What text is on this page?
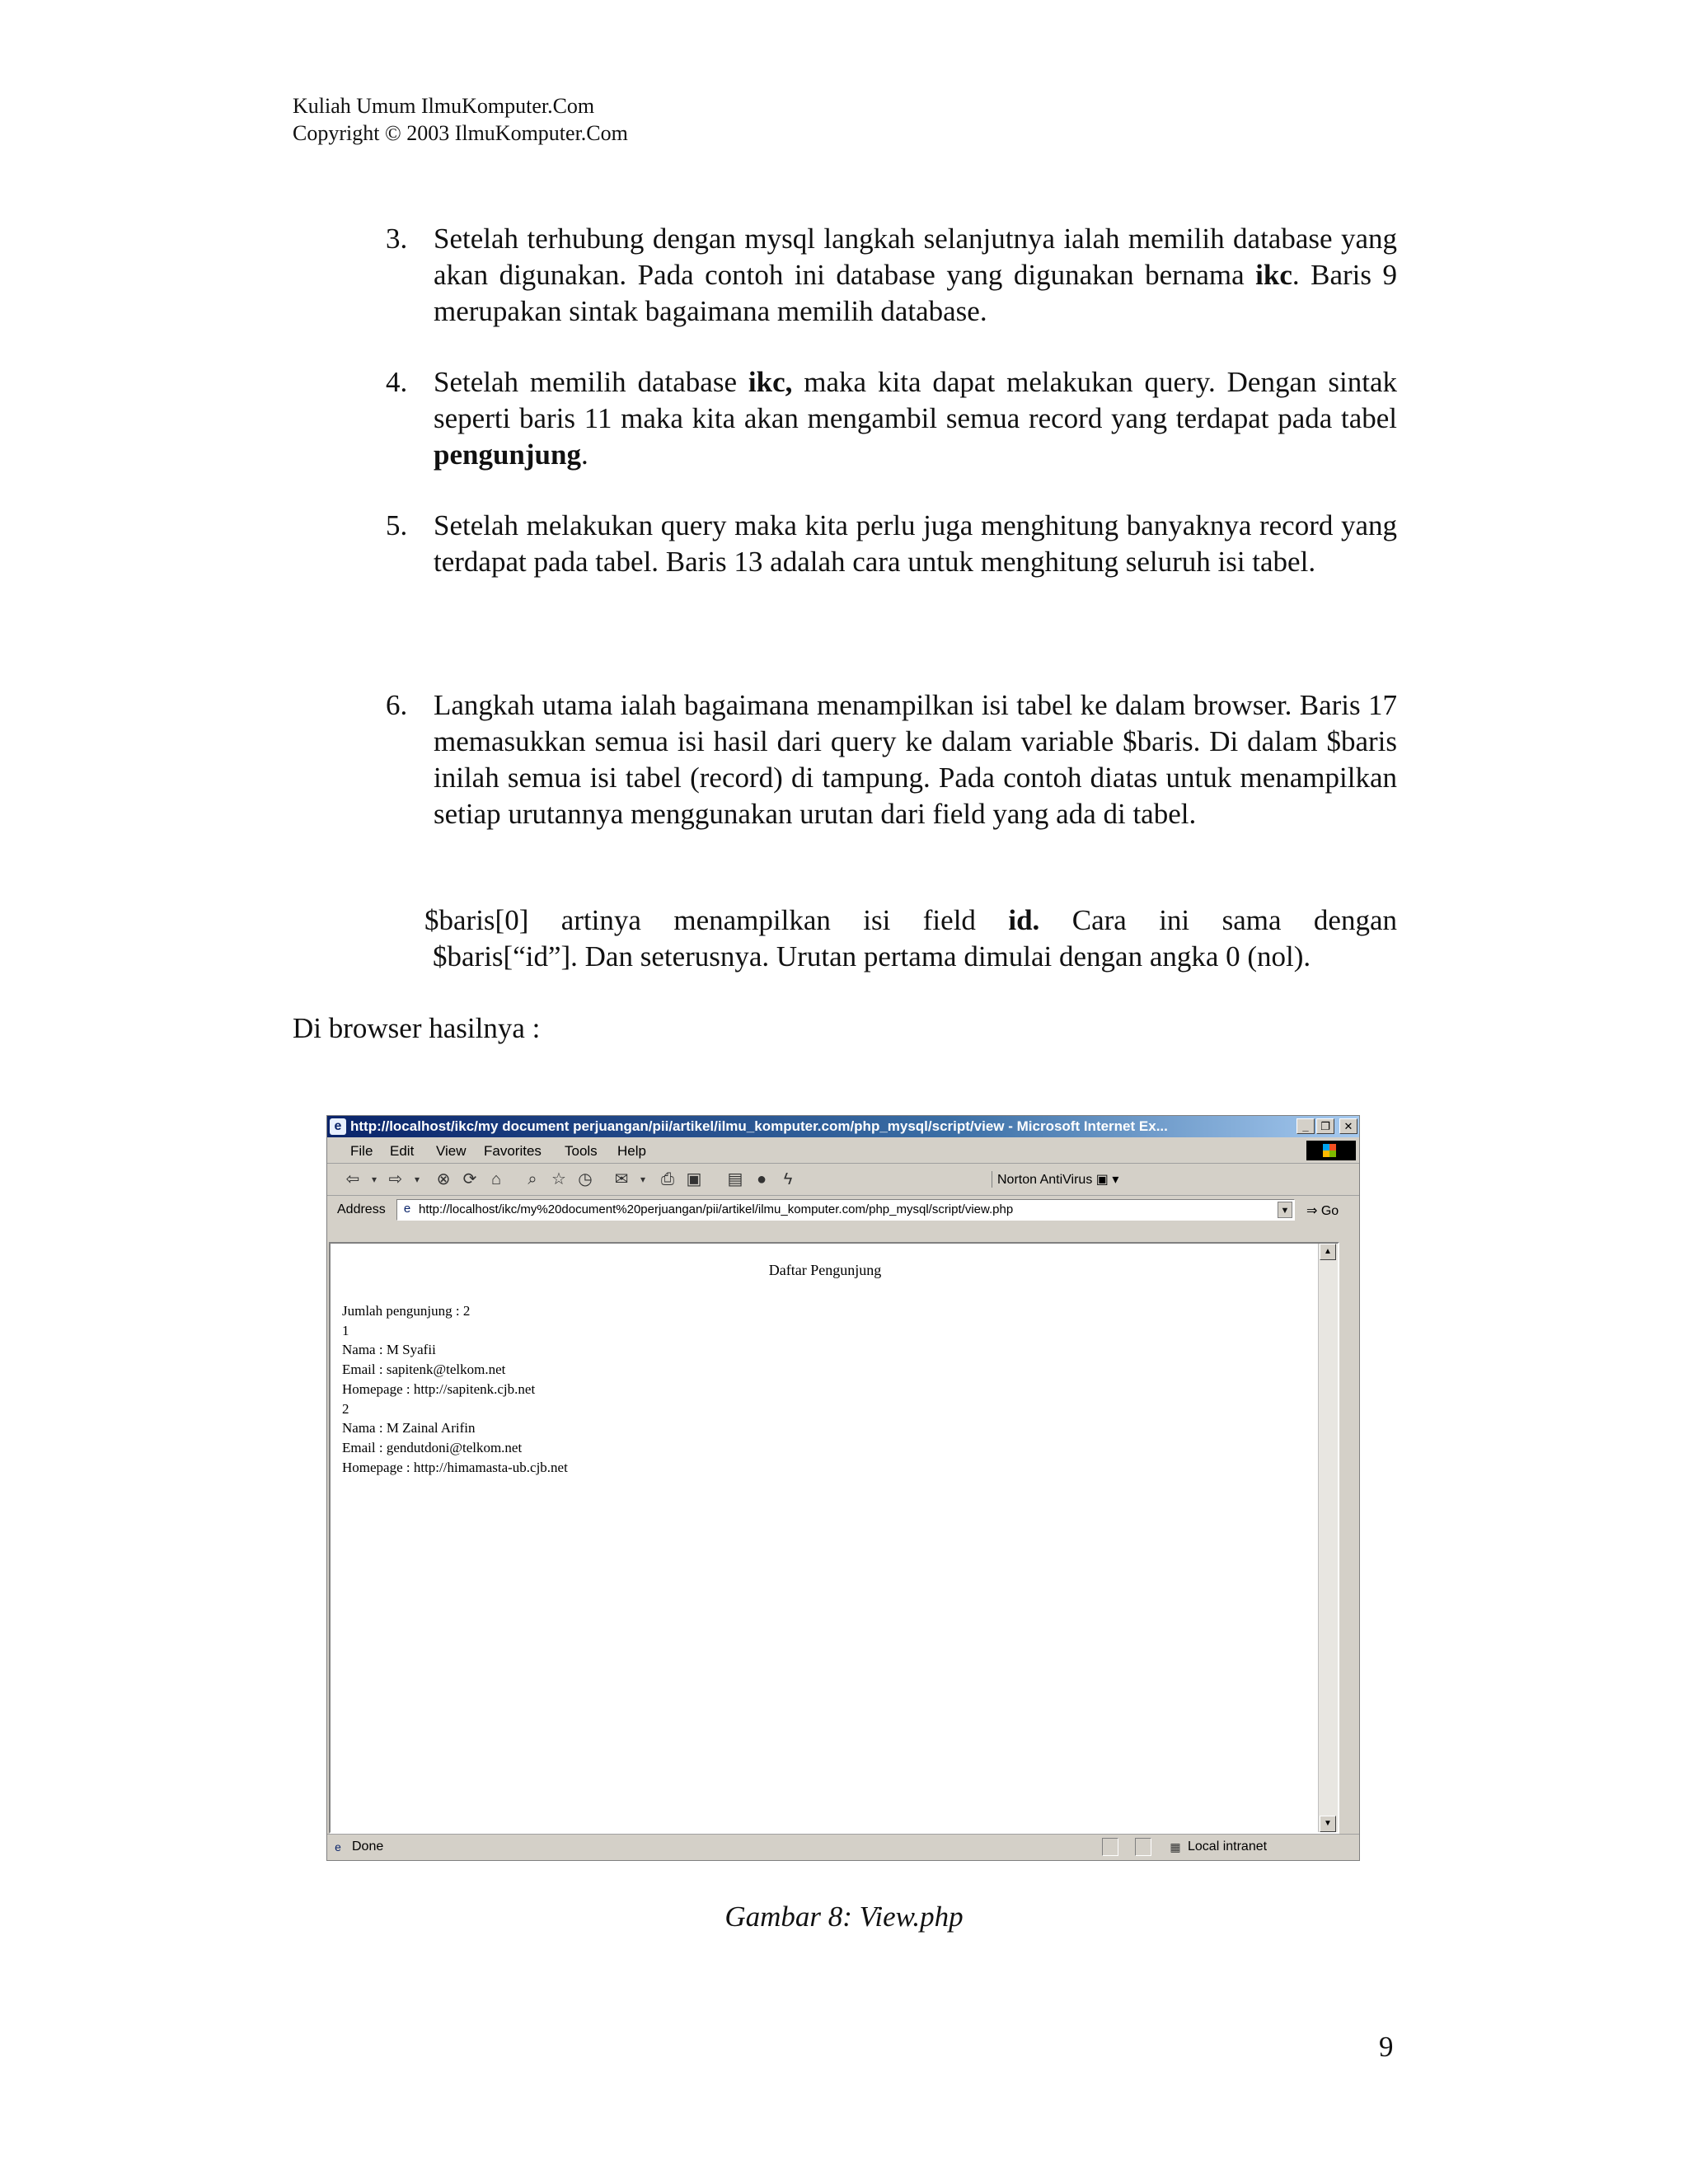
Kuliah Umum IlmuKomputer.Com
Copyright © 2003 IlmuKomputer.Com
3. Setelah terhubung dengan mysql langkah selanjutnya ialah memilih database yang akan digunakan. Pada contoh ini database yang digunakan bernama ikc. Baris 9 merupakan sintak bagaimana memilih database.
4. Setelah memilih database ikc, maka kita dapat melakukan query. Dengan sintak seperti baris 11 maka kita akan mengambil semua record yang terdapat pada tabel pengunjung.
5. Setelah melakukan query maka kita perlu juga menghitung banyaknya record yang terdapat pada tabel. Baris 13 adalah cara untuk menghitung seluruh isi tabel.
6. Langkah utama ialah bagaimana menampilkan isi tabel ke dalam browser. Baris 17 memasukkan semua isi hasil dari query ke dalam variable $baris. Di dalam $baris inilah semua isi tabel (record) di tampung. Pada contoh diatas untuk menampilkan setiap urutannya menggunakan urutan dari field yang ada di tabel.
$baris[0] artinya menampilkan isi field id. Cara ini sama dengan
$baris[“id”]. Dan seterusnya. Urutan pertama dimulai dengan angka 0 (nol).
Di browser hasilnya :
e http://localhost/ikc/my document perjuangan/pii/artikel/ilmu_komputer.com/php_mysql/script/view - Microsoft Internet Ex...	_	❐	✕
File Edit View Favorites Tools Help
⇦	▾ ⇨	▾	⊗ ⟳ ⌂	⌕ ☆ ◷ ✉	▾ ⎙ ▣ ▤ ●	ϟ	Norton AntiVirus ▣ ▾
Address	e http://localhost/ikc/my%20document%20perjuangan/pii/artikel/ilmu_komputer.com/php_mysql/script/view.php	▼ ⇒ Go
Daftar Pengunjung
Jumlah pengunjung : 2
1
Nama : M Syafii
Email : sapitenk@telkom.net
Homepage : http://sapitenk.cjb.net
2
Nama : M Zainal Arifin
Email : gendutdoni@telkom.net
Homepage : http://himamasta-ub.cjb.net
▲
▼
e Done	▦ Local intranet
Gambar 8: View.php
9
